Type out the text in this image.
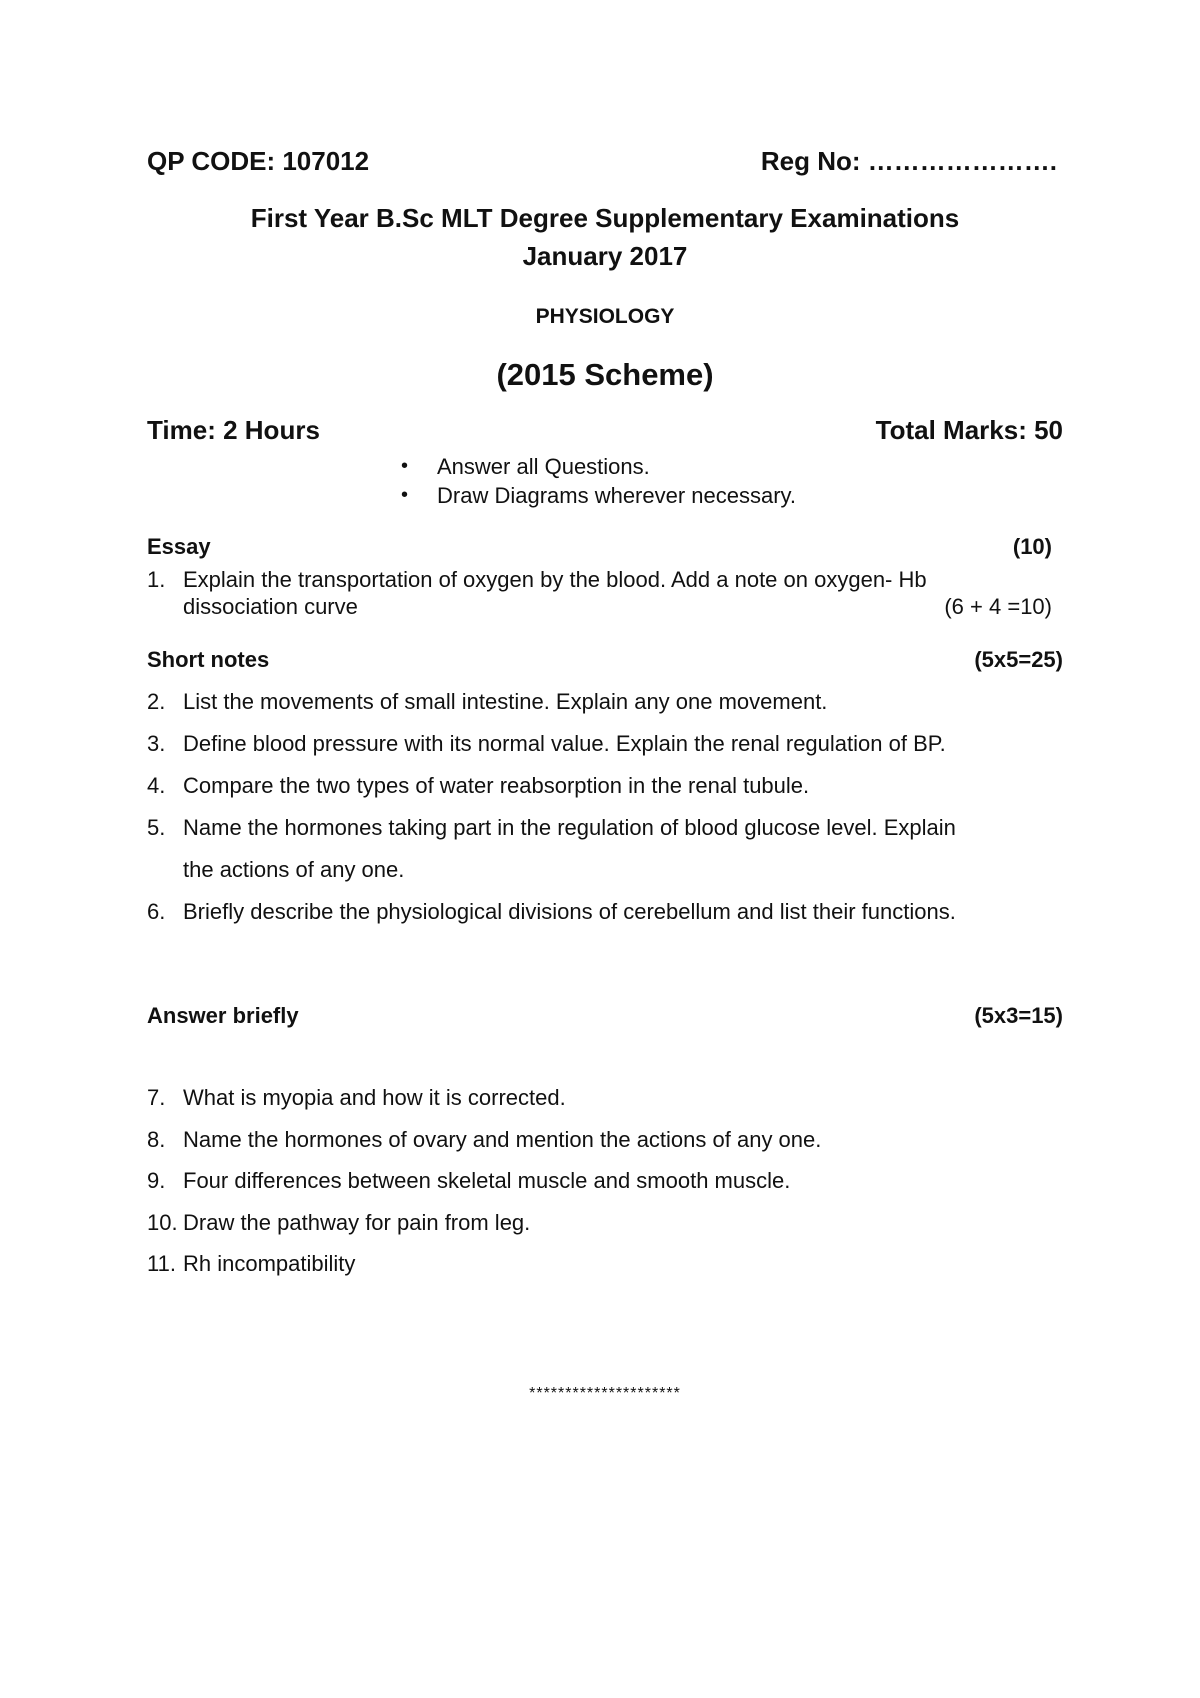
QP CODE: 107012	Reg No: ………………….
First Year B.Sc MLT Degree Supplementary Examinations
January 2017
PHYSIOLOGY
(2015 Scheme)
Time: 2 Hours	Total Marks: 50
• Answer all Questions.
• Draw Diagrams wherever necessary.
Essay	(10)
1. Explain the transportation of oxygen by the blood. Add a note on oxygen- Hb
dissociation curve	(6 + 4 =10)
Short notes	(5x5=25)
2. List the movements of small intestine. Explain any one movement.
3. Define blood pressure with its normal value. Explain the renal regulation of BP.
4. Compare the two types of water reabsorption in the renal tubule.
5. Name the hormones taking part in the regulation of blood glucose level. Explain
the actions of any one.
6. Briefly describe the physiological divisions of cerebellum and list their functions.
Answer briefly	(5x3=15)
7. What is myopia and how it is corrected.
8. Name the hormones of ovary and mention the actions of any one.
9. Four differences between skeletal muscle and smooth muscle.
10. Draw the pathway for pain from leg.
11. Rh incompatibility
*********************
